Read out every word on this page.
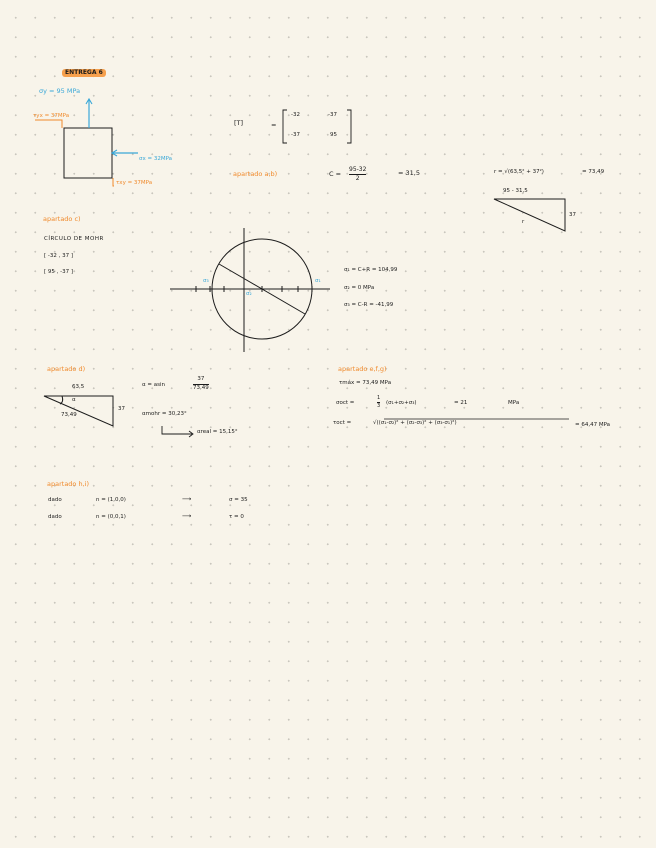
ENTREGA 6
σy = 95 MPa
τyx = 37MPa
σx = 32MPa
τxy = 37MPa
[T]	=
-32	-37
-37	95
apartado a,b)	C =
95-32
2
= 31,5	r = √(63,5² + 37²)	= 73,49
95 - 31,5
37
r
apartado c)
CÍRCULO DE MOHR
[ -32 , 37 ]
[ 95 , -37 ]
σ₃	σ₁
σ₂
σ₁ = C+R = 104,99
σ₂ = 0 MPa
σ₃ = C-R = -41,99
apartado d)
63,5
α
37
73,49
α = asin
37
73,49
αmohr = 30,23°
αreal = 15,15°
apartado e,f,g)
τmáx = 73,49 MPa
σoct =
1
3 (σ₁+σ₂+σ₃)	= 21	MPa
τoct =	√((σ₁-σ₂)² + (σ₂-σ₃)² + (σ₃-σ₁)²)	= 64,47 MPa
apartado h,i)
dado	n = (1,0,0)	⟶	σ = 35
dado	n = (0,0,1)	⟶	τ = 0
